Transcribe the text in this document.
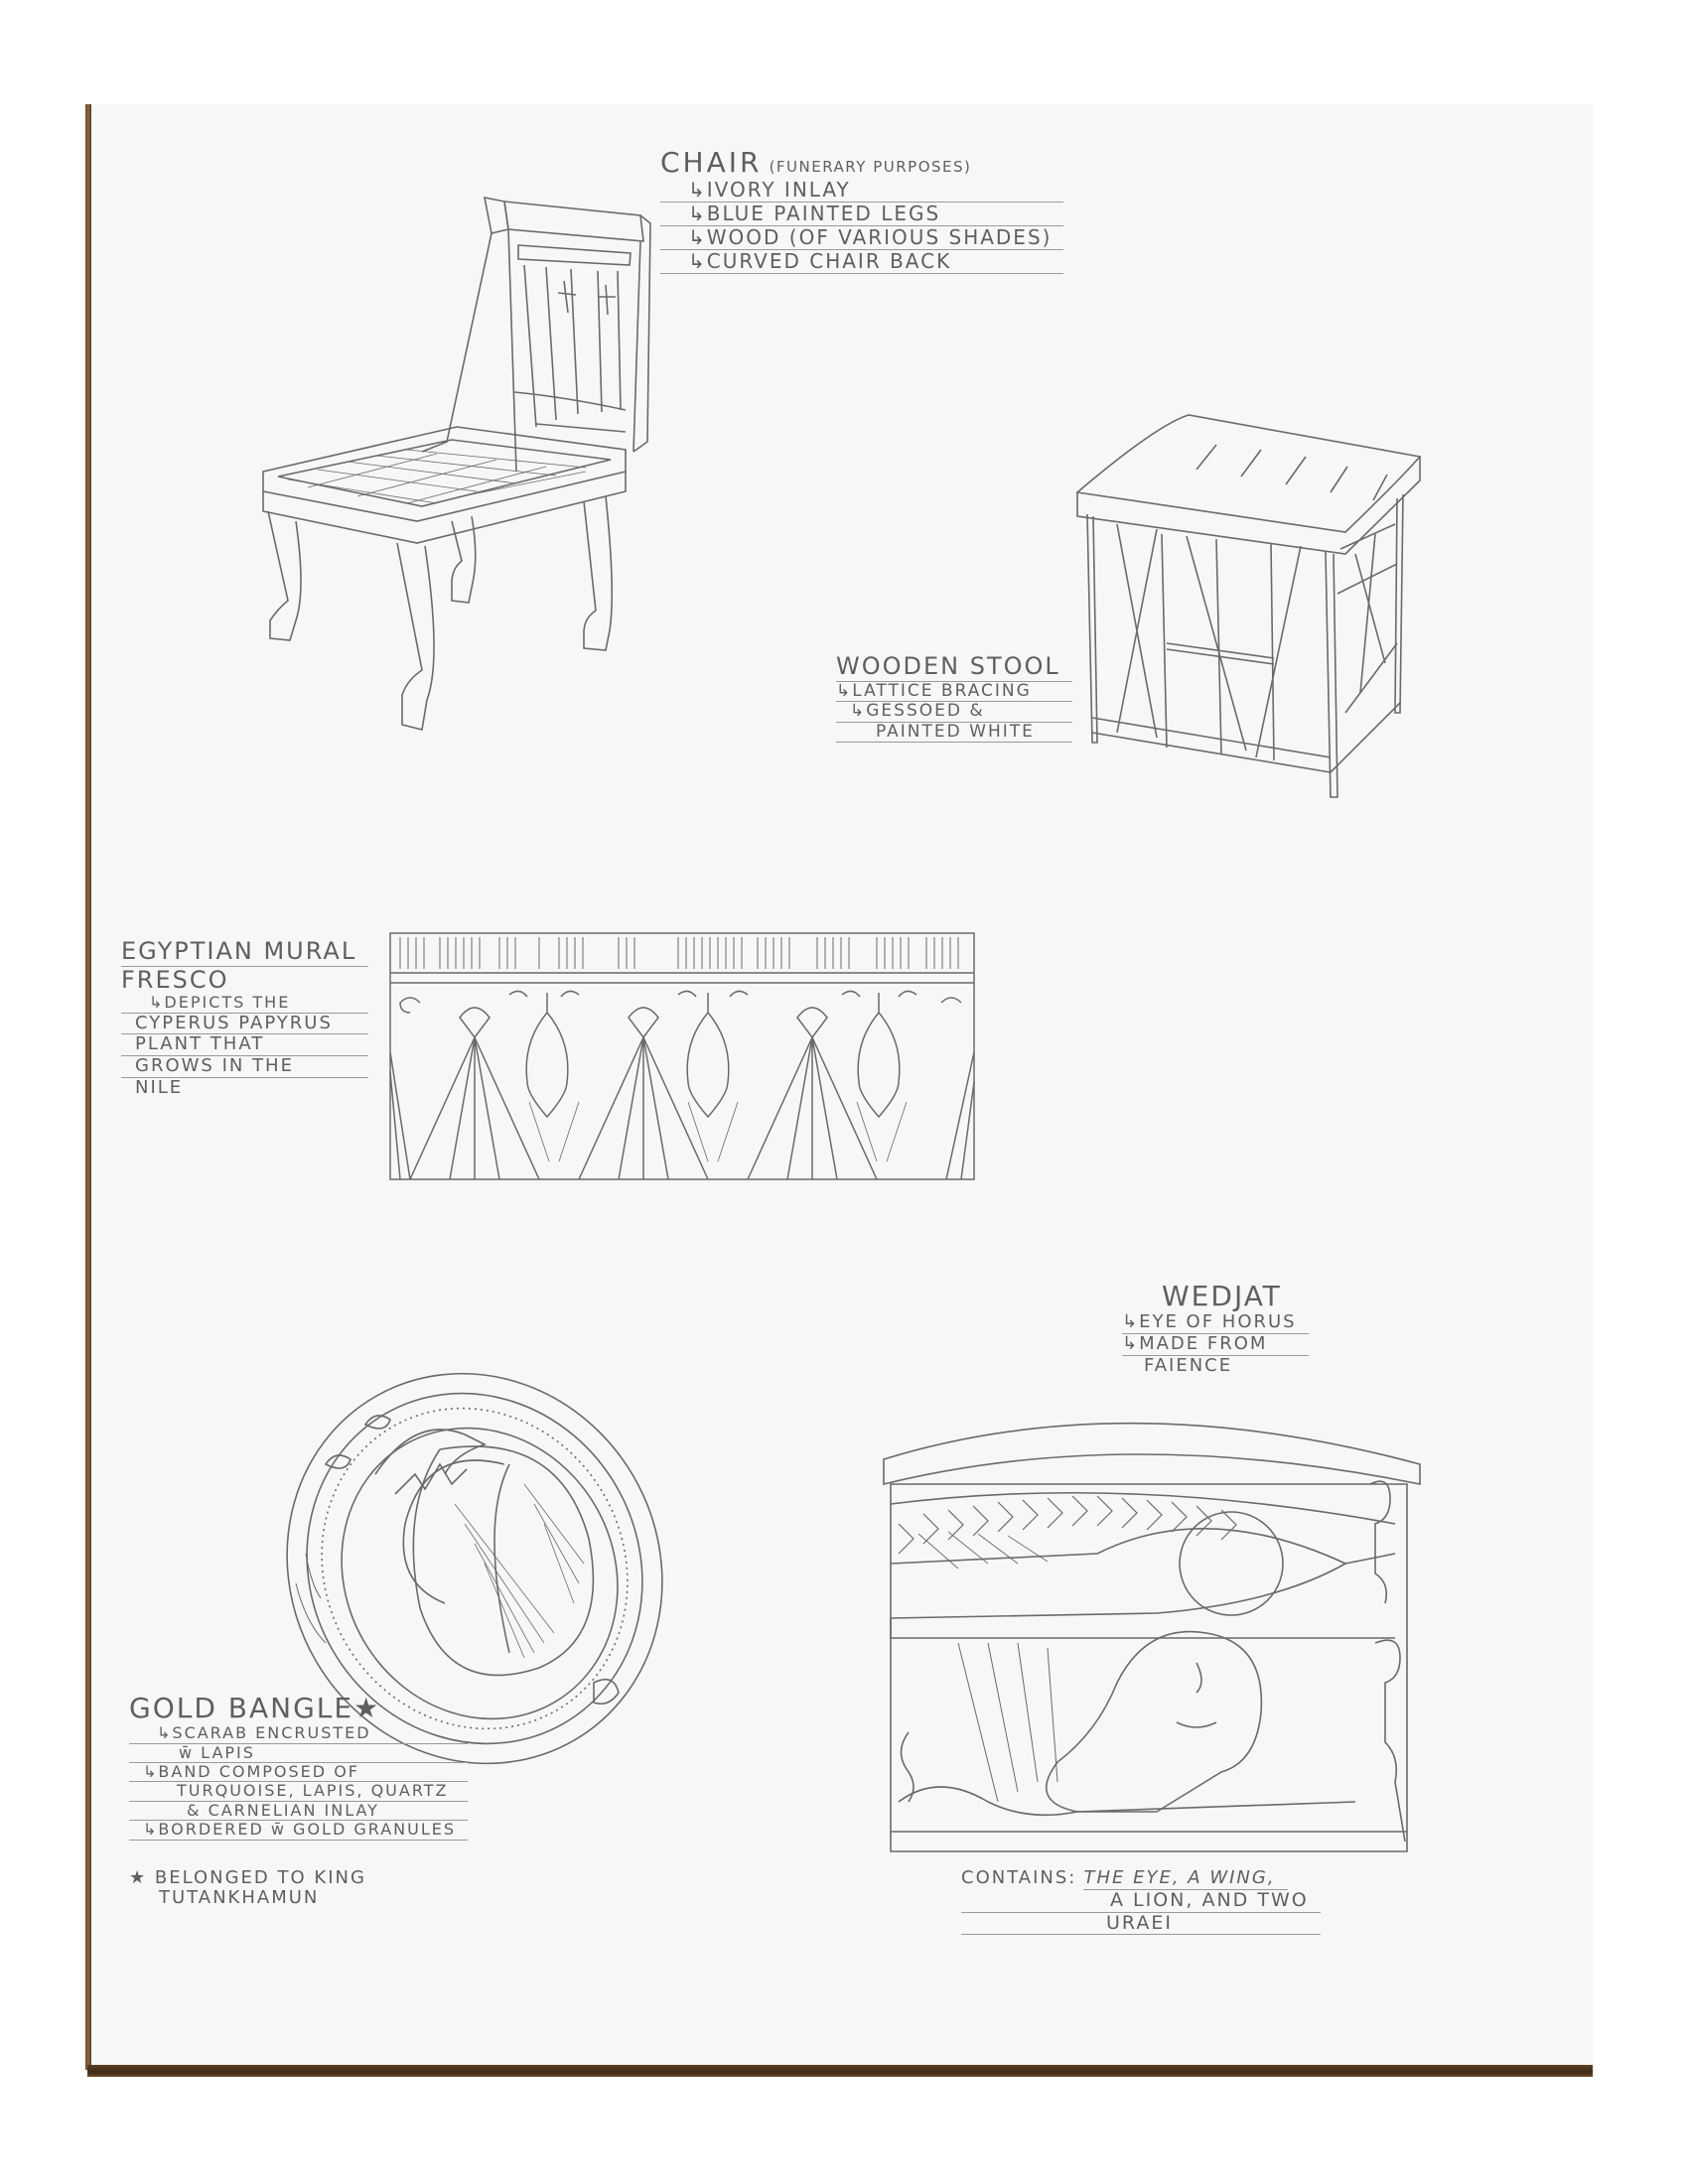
CHAIR (FUNERARY PURPOSES)
↳IVORY INLAY
↳BLUE PAINTED LEGS
↳WOOD (OF VARIOUS SHADES)
↳CURVED CHAIR BACK
WOODEN STOOL
↳LATTICE BRACING
↳GESSOED &
PAINTED WHITE
EGYPTIAN MURAL
FRESCO
↳DEPICTS THE
CYPERUS PAPYRUS
PLANT THAT
GROWS IN THE
NILE
WEDJAT
↳EYE OF HORUS
↳MADE FROM
FAIENCE
CONTAINS: THE EYE, A WING,
A LION, AND TWO
URAEI
GOLD BANGLE★
↳SCARAB ENCRUSTED
w̄ LAPIS
↳BAND COMPOSED OF
TURQUOISE, LAPIS, QUARTZ
& CARNELIAN INLAY
↳BORDERED w̄ GOLD GRANULES
★ BELONGED TO KING
TUTANKHAMUN
